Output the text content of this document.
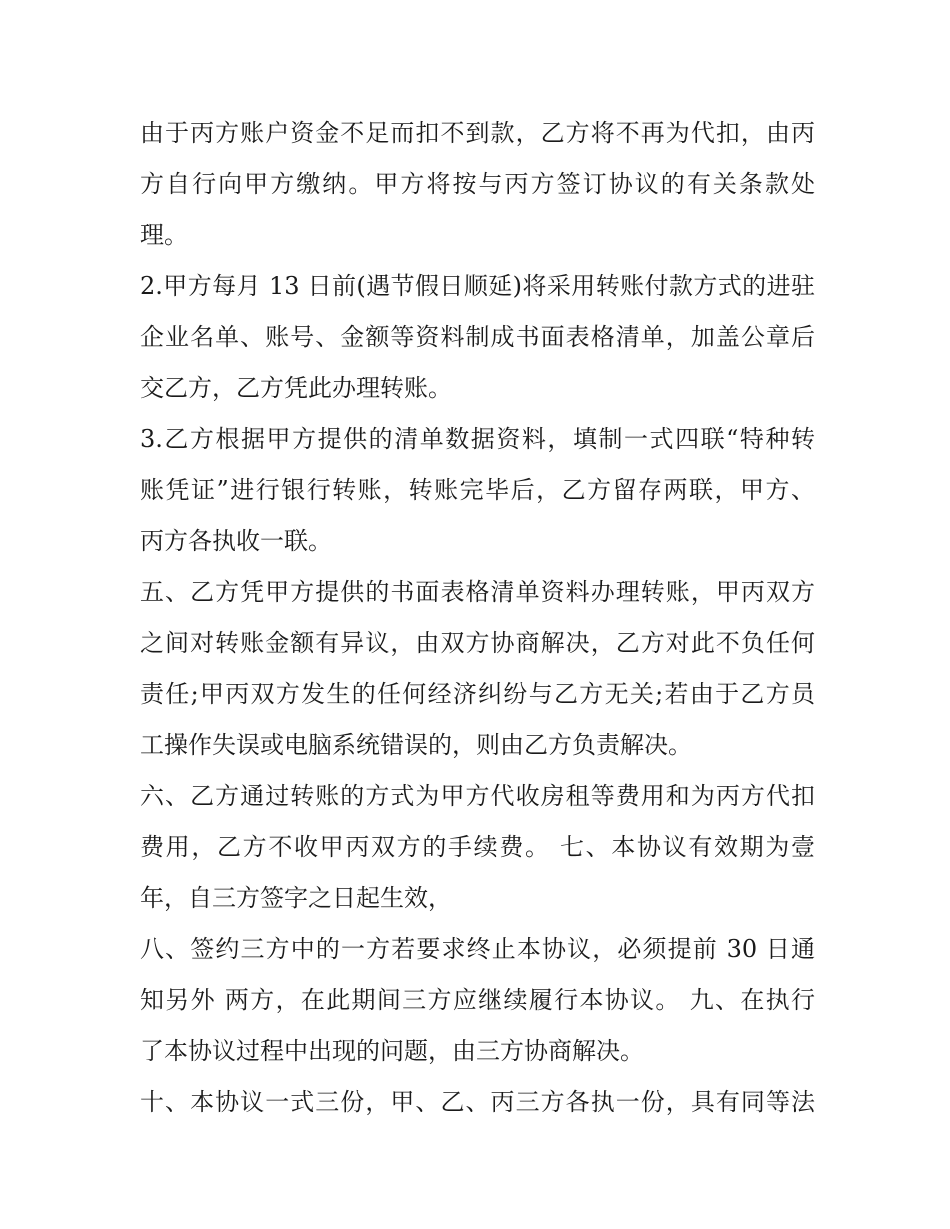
由于丙方账户资金不足而扣不到款，乙方将不再为代扣，由丙
方自行向甲方缴纳。甲方将按与丙方签订协议的有关条款处
理。
2.甲方每月 13 日前(遇节假日顺延)将采用转账付款方式的进驻
企业名单、账号、金额等资料制成书面表格清单，加盖公章后
交乙方，乙方凭此办理转账。
3.乙方根据甲方提供的清单数据资料，填制一式四联“特种转
账凭证”进行银行转账，转账完毕后，乙方留存两联，甲方、
丙方各执收一联。
五、乙方凭甲方提供的书面表格清单资料办理转账，甲丙双方
之间对转账金额有异议，由双方协商解决，乙方对此不负任何
责任;甲丙双方发生的任何经济纠纷与乙方无关;若由于乙方员
工操作失误或电脑系统错误的，则由乙方负责解决。
六、乙方通过转账的方式为甲方代收房租等费用和为丙方代扣
费用，乙方不收甲丙双方的手续费。 七、本协议有效期为壹
年，自三方签字之日起生效，
八、签约三方中的一方若要求终止本协议，必须提前 30 日通
知另外 两方，在此期间三方应继续履行本协议。 九、在执行
了本协议过程中出现的问题，由三方协商解决。
十、本协议一式三份，甲、乙、丙三方各执一份，具有同等法
